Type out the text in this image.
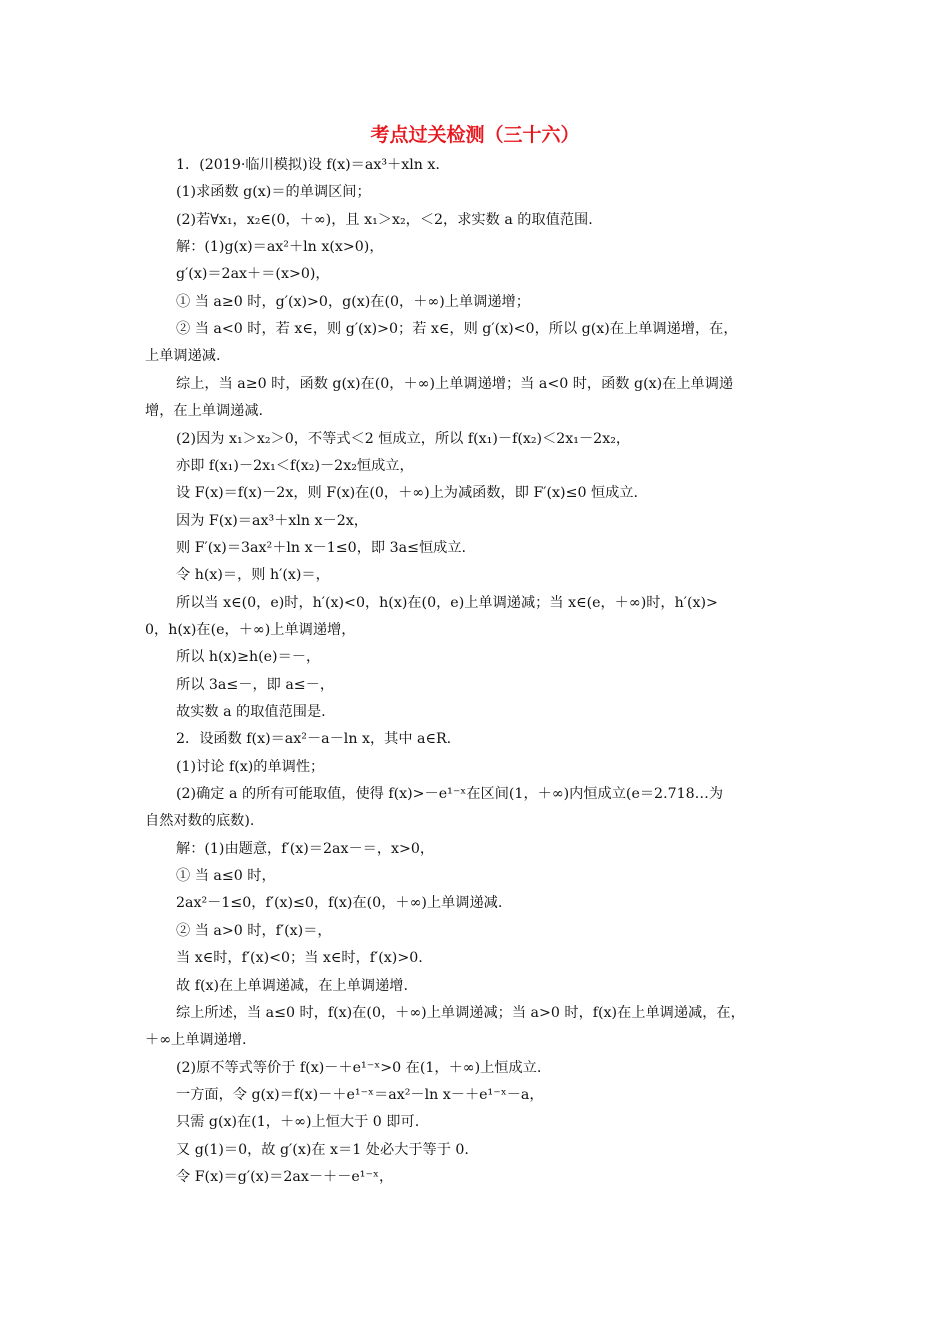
考点过关检测（三十六）
1．(2019·临川模拟)设 f(x)＝ax³＋xln x.
(1)求函数 g(x)＝的单调区间；
(2)若∀x₁，x₂∈(0，＋∞)，且 x₁＞x₂，＜2，求实数 a 的取值范围.
解：(1)g(x)＝ax²＋ln x(x>0)，
g′(x)＝2ax＋＝(x>0)，
① 当 a≥0 时，g′(x)>0，g(x)在(0，＋∞)上单调递增；
② 当 a<0 时，若 x∈，则 g′(x)>0；若 x∈，则 g′(x)<0，所以 g(x)在上单调递增，在，
上单调递减.
综上，当 a≥0 时，函数 g(x)在(0，＋∞)上单调递增；当 a<0 时，函数 g(x)在上单调递
增，在上单调递减.
(2)因为 x₁＞x₂＞0，不等式＜2 恒成立，所以 f(x₁)－f(x₂)＜2x₁－2x₂，
亦即 f(x₁)－2x₁＜f(x₂)－2x₂恒成立，
设 F(x)＝f(x)－2x，则 F(x)在(0，＋∞)上为减函数，即 F′(x)≤0 恒成立.
因为 F(x)＝ax³＋xln x－2x，
则 F′(x)＝3ax²＋ln x－1≤0，即 3a≤恒成立.
令 h(x)＝，则 h′(x)＝，
所以当 x∈(0，e)时，h′(x)<0，h(x)在(0，e)上单调递减；当 x∈(e，＋∞)时，h′(x)>
0，h(x)在(e，＋∞)上单调递增，
所以 h(x)≥h(e)＝－，
所以 3a≤－，即 a≤－，
故实数 a 的取值范围是.
2．设函数 f(x)＝ax²－a－ln x，其中 a∈R.
(1)讨论 f(x)的单调性；
(2)确定 a 的所有可能取值，使得 f(x)>－e¹⁻ˣ在区间(1，＋∞)内恒成立(e＝2.718…为
自然对数的底数).
解：(1)由题意，f′(x)＝2ax－＝，x>0，
① 当 a≤0 时，
2ax²－1≤0，f′(x)≤0，f(x)在(0，＋∞)上单调递减.
② 当 a>0 时，f′(x)＝，
当 x∈时，f′(x)<0；当 x∈时，f′(x)>0.
故 f(x)在上单调递减，在上单调递增.
综上所述，当 a≤0 时，f(x)在(0，＋∞)上单调递减；当 a>0 时，f(x)在上单调递减，在，
＋∞上单调递增.
(2)原不等式等价于 f(x)－＋e¹⁻ˣ>0 在(1，＋∞)上恒成立.
一方面，令 g(x)＝f(x)－＋e¹⁻ˣ＝ax²－ln x－＋e¹⁻ˣ－a，
只需 g(x)在(1，＋∞)上恒大于 0 即可.
又 g(1)＝0，故 g′(x)在 x＝1 处必大于等于 0.
令 F(x)＝g′(x)＝2ax－＋－e¹⁻ˣ，
